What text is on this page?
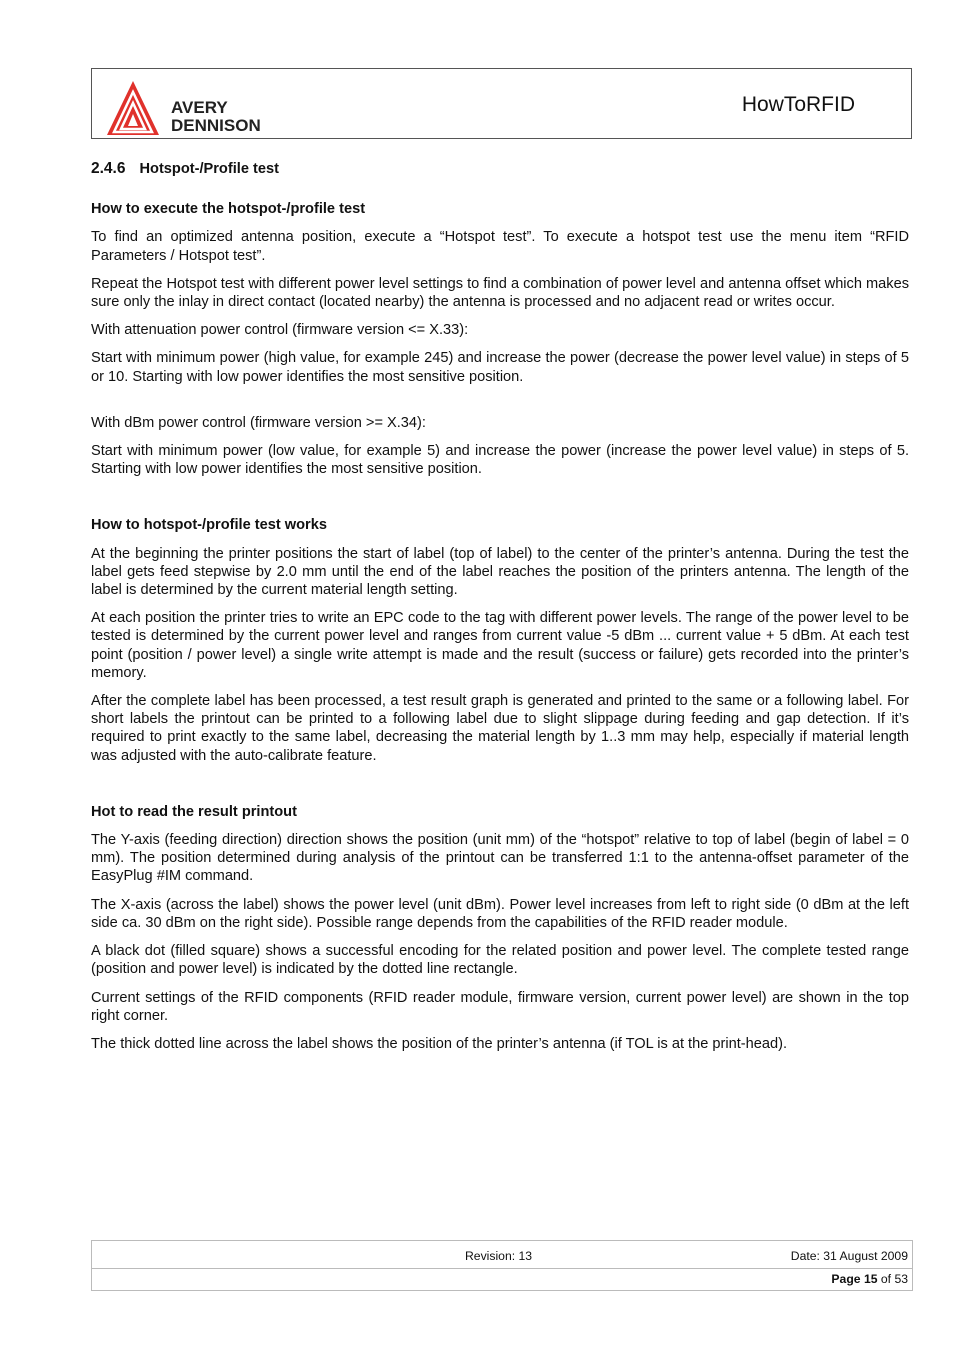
AVERY
DENNISON
HowToRFID
2.4.6 Hotspot-/Profile test
How to execute the hotspot-/profile test

To find an optimized antenna position, execute a “Hotspot test”. To execute a hotspot test use the menu item “RFID Parameters / Hotspot test”.

Repeat the Hotspot test with different power level settings to find a combination of power level and antenna offset which makes sure only the inlay in direct contact (located nearby) the antenna is processed and no adjacent read or writes occur.

With attenuation power control (firmware version <= X.33):

Start with minimum power (high value, for example 245) and increase the power (decrease the power level value) in steps of 5 or 10. Starting with low power identifies the most sensitive position.

With dBm power control (firmware version >= X.34):

Start with minimum power (low value, for example 5) and increase the power (increase the power level value) in steps of 5. Starting with low power identifies the most sensitive position.

How to hotspot-/profile test works

At the beginning the printer positions the start of label (top of label) to the center of the printer’s antenna. During the test the label gets feed stepwise by 2.0 mm until the end of the label reaches the position of the printers antenna. The length of the label is determined by the current material length setting.

At each position the printer tries to write an EPC code to the tag with different power levels. The range of the power level to be tested is determined by the current power level and ranges from current value -5 dBm ... current value + 5 dBm. At each test point (position / power level) a single write attempt is made and the result (success or failure) gets recorded into the printer’s memory.

After the complete label has been processed, a test result graph is generated and printed to the same or a following label. For short labels the printout can be printed to a following label due to slight slippage during feeding and gap detection. If it’s required to print exactly to the same label, decreasing the material length by 1..3 mm may help, especially if material length was adjusted with the auto-calibrate feature.

Hot to read the result printout

The Y-axis (feeding direction) direction shows the position (unit mm) of the “hotspot” relative to top of label (begin of label = 0 mm). The position determined during analysis of the printout can be transferred 1:1 to the antenna-offset parameter of the EasyPlug #IM command.

The X-axis (across the label) shows the power level (unit dBm). Power level increases from left to right side (0 dBm at the left side ca. 30 dBm on the right side). Possible range depends from the capabilities of the RFID reader module.

A black dot (filled square) shows a successful encoding for the related position and power level. The complete tested range (position and power level) is indicated by the dotted line rectangle.

Current settings of the RFID components (RFID reader module, firmware version, current power level) are shown in the top right corner.

The thick dotted line across the label shows the position of the printer’s antenna (if TOL is at the print-head).

Revision: 13	Date: 31 August 2009
Page 15 of 53
